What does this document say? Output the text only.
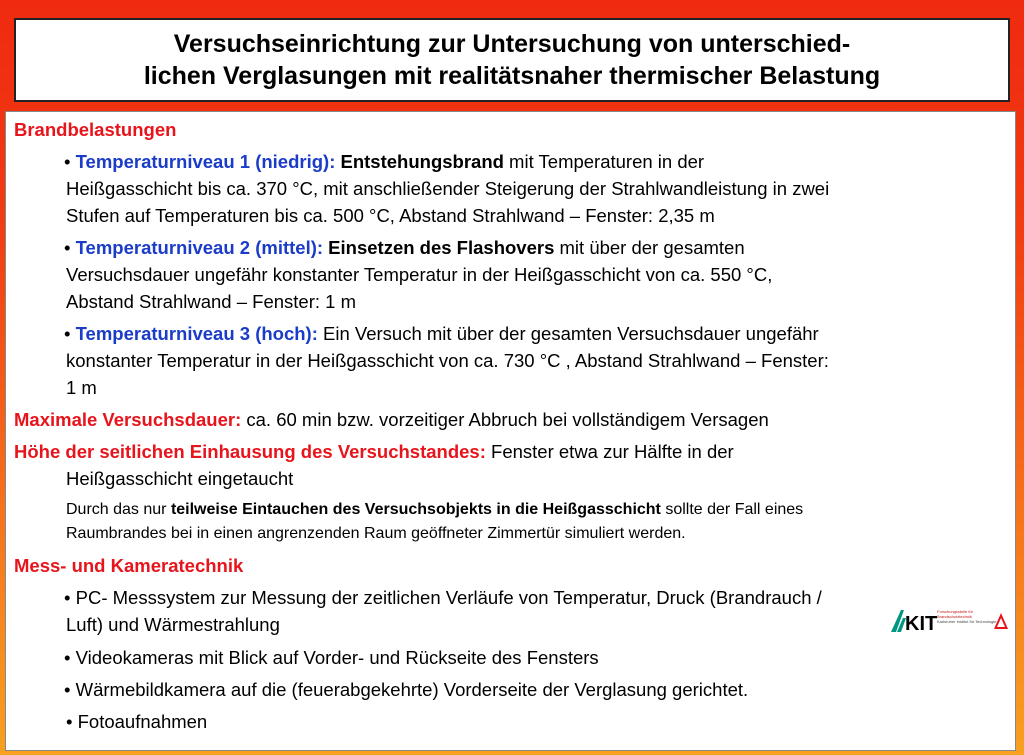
Versuchseinrichtung zur Untersuchung von unterschied-
lichen Verglasungen mit realitätsnaher thermischer Belastung
Brandbelastungen
• Temperaturniveau 1 (niedrig): Entstehungsbrand mit Temperaturen in der
Heißgasschicht bis ca. 370 °C, mit anschließender Steigerung der Strahlwandleistung in zwei
Stufen auf Temperaturen bis ca. 500 °C, Abstand Strahlwand – Fenster: 2,35 m
• Temperaturniveau 2 (mittel): Einsetzen des Flashovers mit über der gesamten
Versuchsdauer ungefähr konstanter Temperatur in der Heißgasschicht von ca. 550 °C,
Abstand Strahlwand – Fenster: 1 m
• Temperaturniveau 3 (hoch): Ein Versuch mit über der gesamten Versuchsdauer ungefähr
konstanter Temperatur in der Heißgasschicht von ca. 730 °C , Abstand Strahlwand – Fenster:
1 m
Maximale Versuchsdauer: ca. 60 min bzw. vorzeitiger Abbruch bei vollständigem Versagen
Höhe der seitlichen Einhausung des Versuchstandes: Fenster etwa zur Hälfte in der
Heißgasschicht eingetaucht
Durch das nur teilweise Eintauchen des Versuchsobjekts in die Heißgasschicht sollte der Fall eines
Raumbrandes bei in einen angrenzenden Raum geöffneter Zimmertür simuliert werden.
Mess- und Kameratechnik
• PC- Messsystem zur Messung der zeitlichen Verläufe von Temperatur, Druck (Brandrauch /
Luft) und Wärmestrahlung
• Videokameras mit Blick auf Vorder- und Rückseite des Fensters
• Wärmebildkamera auf die (feuerabgekehrte) Vorderseite der Verglasung gerichtet.
• Fotoaufnahmen
KIT
Forschungsstelle für Brandschutztechnik
Karlsruher Institut für Technologie
